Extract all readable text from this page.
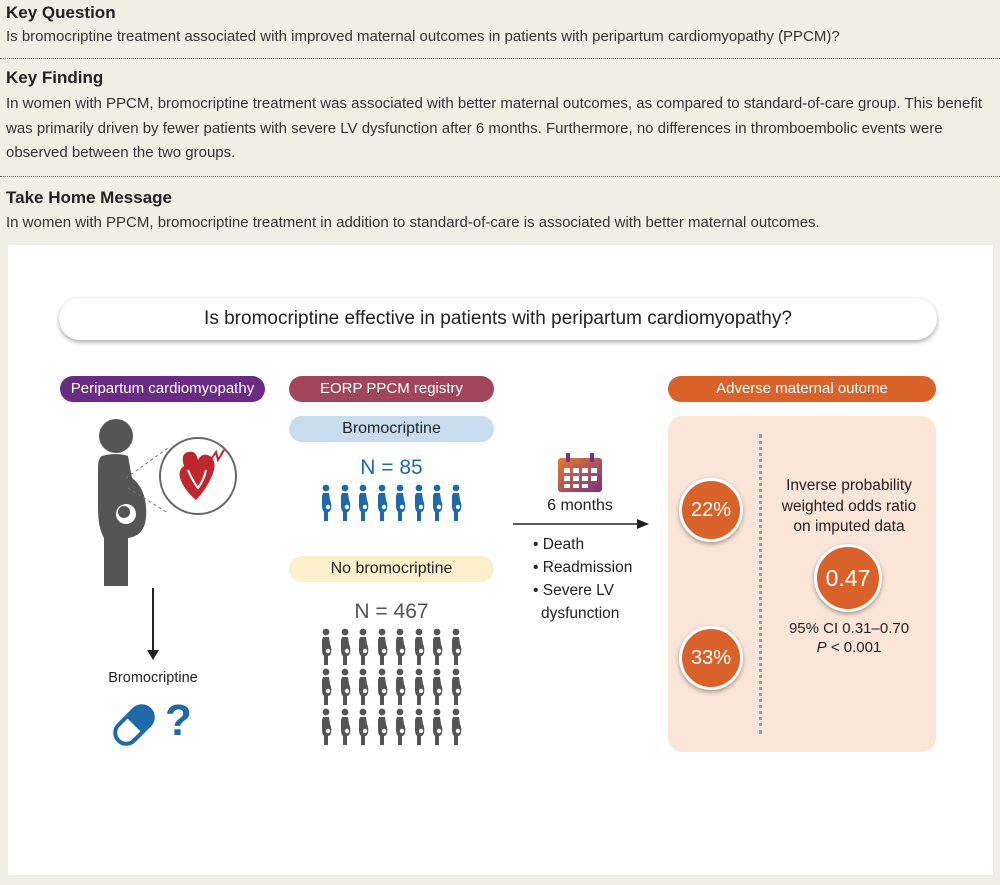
Key Question
Is bromocriptine treatment associated with improved maternal outcomes in patients with peripartum cardiomyopathy (PPCM)?
Key Finding
In women with PPCM, bromocriptine treatment was associated with better maternal outcomes, as compared to standard-of-care group. This benefit was primarily driven by fewer patients with severe LV dysfunction after 6 months. Furthermore, no differences in thromboembolic events were observed between the two groups.
Take Home Message
In women with PPCM, bromocriptine treatment in addition to standard-of-care is associated with better maternal outcomes.
Is bromocriptine effective in patients with peripartum cardiomyopathy?
Peripartum cardiomyopathy
Bromocriptine
?
EORP PPCM registry
Bromocriptine
N = 85
No bromocriptine
N = 467
6 months
• Death
• Readmission
• Severe LV
dysfunction
Adverse maternal outome
22%
33%
Inverse probability
weighted odds ratio
on imputed data
0.47
95% CI 0.31–0.70
P < 0.001
